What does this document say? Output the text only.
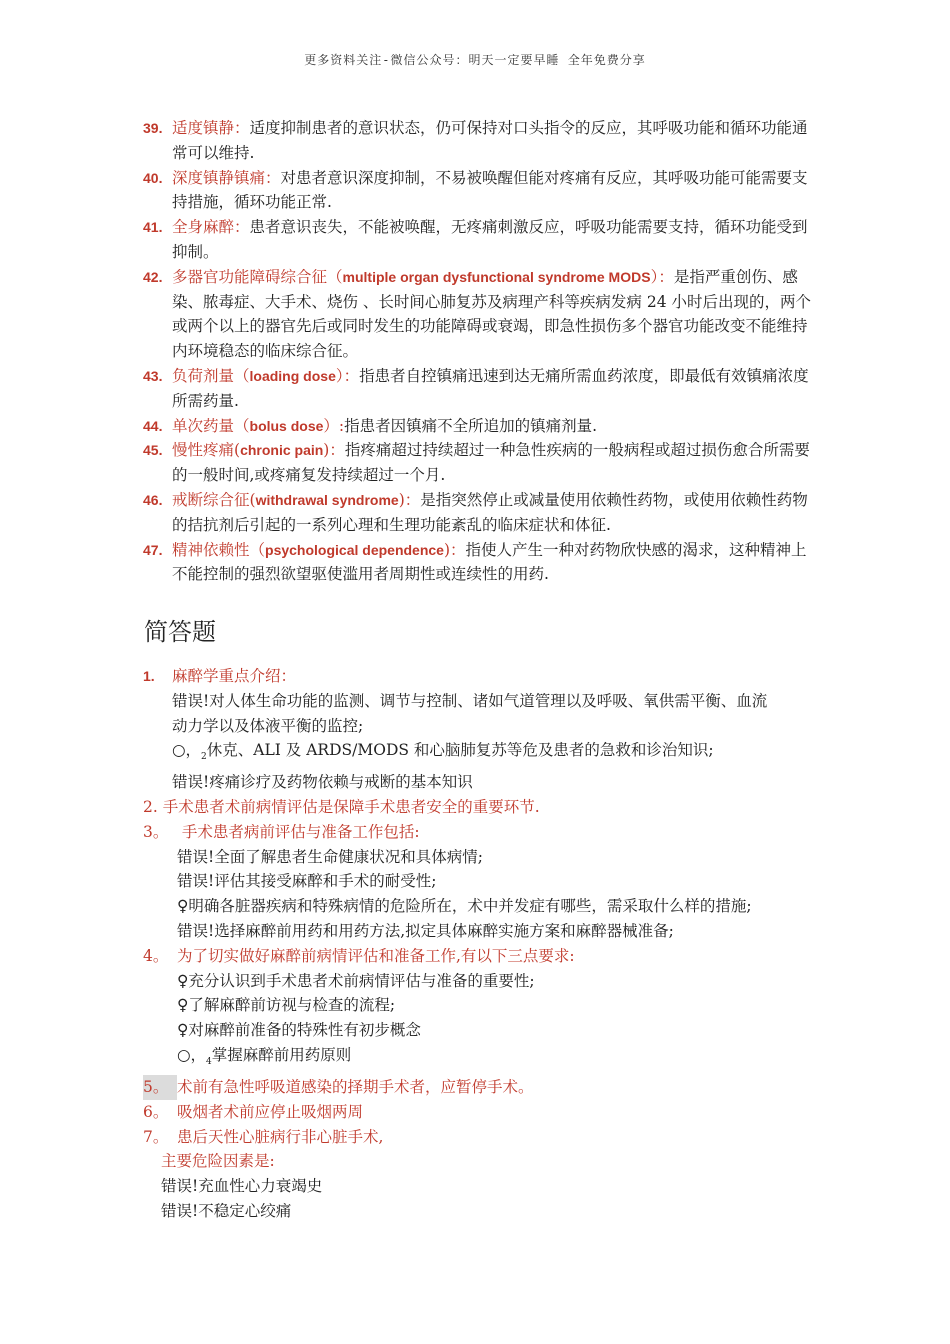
更多资料关注-微信公众号：明天一定要早睡 全年免费分享
39. 适度镇静：适度抑制患者的意识状态，仍可保持对口头指令的反应，其呼吸功能和循环功能通常可以维持.
40. 深度镇静镇痛：对患者意识深度抑制，不易被唤醒但能对疼痛有反应，其呼吸功能可能需要支持措施，循环功能正常.
41. 全身麻醉：患者意识丧失，不能被唤醒，无疼痛刺激反应，呼吸功能需要支持，循环功能受到抑制。
42. 多器官功能障碍综合征（multiple organ dysfunctional syndrome MODS）：是指严重创伤、感染、脓毒症、大手术、烧伤 、长时间心肺复苏及病理产科等疾病发病 24 小时后出现的，两个或两个以上的器官先后或同时发生的功能障碍或衰竭，即急性损伤多个器官功能改变不能维持内环境稳态的临床综合征。
43. 负荷剂量（loading dose）：指患者自控镇痛迅速到达无痛所需血药浓度，即最低有效镇痛浓度所需药量.
44. 单次药量（bolus dose）:指患者因镇痛不全所追加的镇痛剂量.
45. 慢性疼痛(chronic pain)：指疼痛超过持续超过一种急性疾病的一般病程或超过损伤愈合所需要的一般时间,或疼痛复发持续超过一个月.
46. 戒断综合征(withdrawal syndrome)：是指突然停止或减量使用依赖性药物，或使用依赖性药物的拮抗剂后引起的一系列心理和生理功能紊乱的临床症状和体征.
47. 精神依赖性（psychological dependence)：指使人产生一种对药物欣快感的渴求，这种精神上不能控制的强烈欲望驱使滥用者周期性或连续性的用药.
简答题
1. 麻醉学重点介绍：
错误!对人体生命功能的监测、调节与控制、诸如气道管理以及呼吸、氧供需平衡、血流
动力学以及体液平衡的监控;
○，$_2$休克、ALI 及 ARDS/MODS 和心脑肺复苏等危及患者的急救和诊治知识;
错误!疼痛诊疗及药物依赖与戒断的基本知识
2. 手术患者术前病情评估是保障手术患者安全的重要环节.
3。 手术患者病前评估与准备工作包括:
错误!全面了解患者生命健康状况和具体病情;
错误!评估其接受麻醉和手术的耐受性;
♀明确各脏器疾病和特殊病情的危险所在，术中并发症有哪些，需采取什么样的措施;
错误!选择麻醉前用药和用药方法,拟定具体麻醉实施方案和麻醉器械准备;
4。 为了切实做好麻醉前病情评估和准备工作,有以下三点要求:
♀充分认识到手术患者术前病情评估与准备的重要性;
♀了解麻醉前访视与检查的流程;
♀对麻醉前准备的特殊性有初步概念
○，$_4$掌握麻醉前用药原则
5。 术前有急性呼吸道感染的择期手术者，应暂停手术。
6。 吸烟者术前应停止吸烟两周
7。 患后天性心脏病行非心脏手术,
主要危险因素是:
错误!充血性心力衰竭史
错误!不稳定心绞痛
